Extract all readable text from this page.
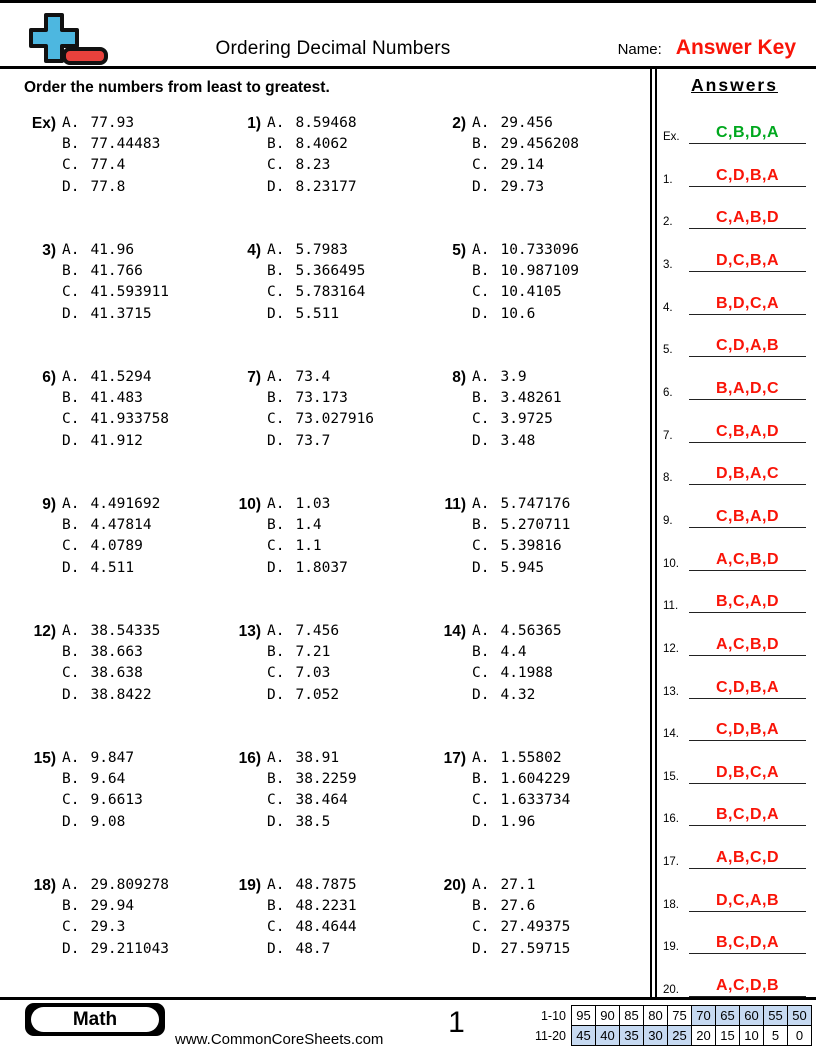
Ordering Decimal Numbers	Name: Answer Key
Order the numbers from least to greatest.
Ex) A. 77.93
B. 77.44483
C. 77.4
D. 77.8
1) A. 8.59468
B. 8.4062
C. 8.23
D. 8.23177
2) A. 29.456
B. 29.456208
C. 29.14
D. 29.73
3) A. 41.96
B. 41.766
C. 41.593911
D. 41.3715
4) A. 5.7983
B. 5.366495
C. 5.783164
D. 5.511
5) A. 10.733096
B. 10.987109
C. 10.4105
D. 10.6
6) A. 41.5294
B. 41.483
C. 41.933758
D. 41.912
7) A. 73.4
B. 73.173
C. 73.027916
D. 73.7
8) A. 3.9
B. 3.48261
C. 3.9725
D. 3.48
9) A. 4.491692
B. 4.47814
C. 4.0789
D. 4.511
10) A. 1.03
B. 1.4
C. 1.1
D. 1.8037
11) A. 5.747176
B. 5.270711
C. 5.39816
D. 5.945
12) A. 38.54335
B. 38.663
C. 38.638
D. 38.8422
13) A. 7.456
B. 7.21
C. 7.03
D. 7.052
14) A. 4.56365
B. 4.4
C. 4.1988
D. 4.32
15) A. 9.847
B. 9.64
C. 9.6613
D. 9.08
16) A. 38.91
B. 38.2259
C. 38.464
D. 38.5
17) A. 1.55802
B. 1.604229
C. 1.633734
D. 1.96
18) A. 29.809278
B. 29.94
C. 29.3
D. 29.211043
19) A. 48.7875
B. 48.2231
C. 48.4644
D. 48.7
20) A. 27.1
B. 27.6
C. 27.49375
D. 27.59715
Answers
Ex.	C,B,D,A
1.	C,D,B,A
2.	C,A,B,D
3.	D,C,B,A
4.	B,D,C,A
5.	C,D,A,B
6.	B,A,D,C
7.	C,B,A,D
8.	D,B,A,C
9.	C,B,A,D
10.	A,C,B,D
11.	B,C,A,D
12.	A,C,B,D
13.	C,D,B,A
14.	C,D,B,A
15.	D,B,C,A
16.	B,C,D,A
17.	A,B,C,D
18.	D,C,A,B
19.	B,C,D,A
20.	A,C,D,B
Math
www.CommonCoreSheets.com
1	1-10	95	90	85	80	75	70	65	60	55	50
11-20	45	40	35	30	25	20	15	10	5	0
